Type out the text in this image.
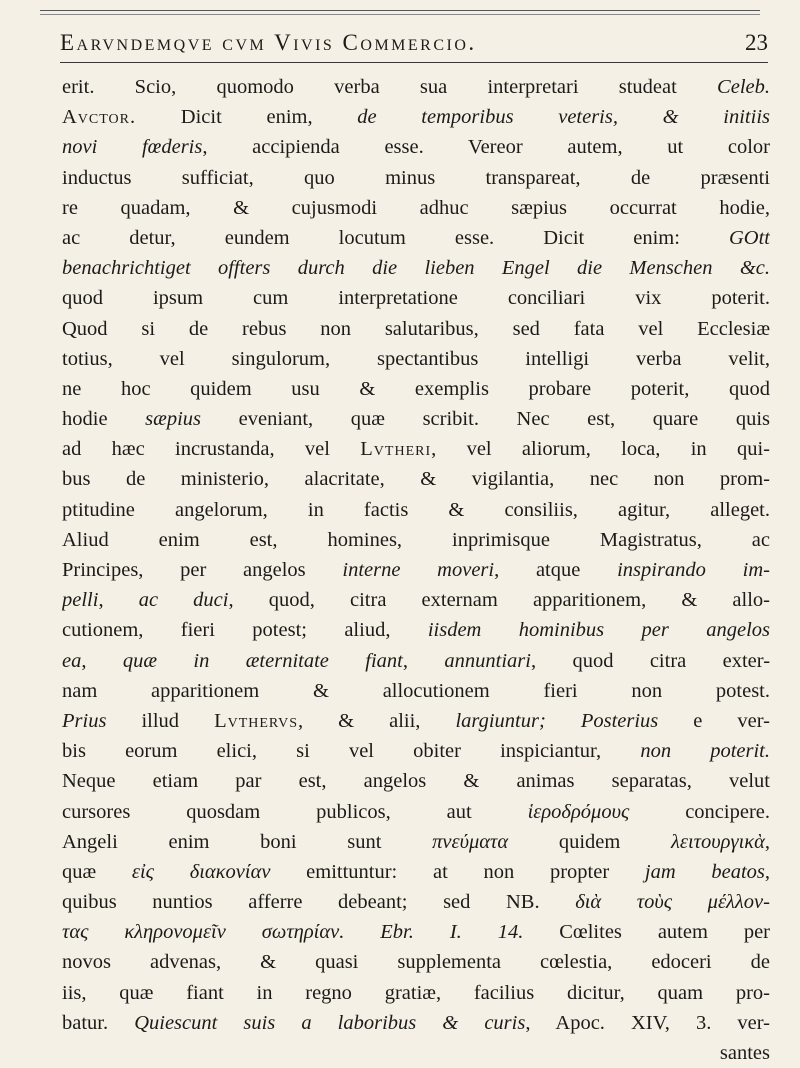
Earvndemqve cvm Vivis Commercio.	23
erit. Scio, quomodo verba sua interpretari studeat Celeb.
Avctor. Dicit enim, de temporibus veteris, & initiis
novi fœderis, accipienda esse. Vereor autem, ut color
inductus sufficiat, quo minus transpareat, de præsenti
re quadam, & cujusmodi adhuc sæpius occurrat hodie,
ac detur, eundem locutum esse. Dicit enim: GOtt
benachrichtiget offters durch die lieben Engel die Menschen &c.
quod ipsum cum interpretatione conciliari vix poterit.
Quod si de rebus non salutaribus, sed fata vel Ecclesiæ
totius, vel singulorum, spectantibus intelligi verba velit,
ne hoc quidem usu & exemplis probare poterit, quod
hodie sæpius eveniant, quæ scribit. Nec est, quare quis
ad hæc incrustanda, vel Lvtheri, vel aliorum, loca, in qui-
bus de ministerio, alacritate, & vigilantia, nec non prom-
ptitudine angelorum, in factis & consiliis, agitur, alleget.
Aliud enim est, homines, inprimisque Magistratus, ac
Principes, per angelos interne moveri, atque inspirando im-
pelli, ac duci, quod, citra externam apparitionem, & allo-
cutionem, fieri potest; aliud, iisdem hominibus per angelos
ea, quæ in æternitate fiant, annuntiari, quod citra exter-
nam apparitionem & allocutionem fieri non potest.
Prius illud Lvthervs, & alii, largiuntur; Posterius e ver-
bis eorum elici, si vel obiter inspiciantur, non poterit.
Neque etiam par est, angelos & animas separatas, velut
cursores quosdam publicos, aut ἱεροδρόμους concipere.
Angeli enim boni sunt πνεύματα quidem λειτουργικὰ,
quæ εἰς διακονίαν emittuntur: at non propter jam beatos,
quibus nuntios afferre debeant; sed NB. διὰ τοὺς μέλλον-
τας κληρονομεῖν σωτηρίαν. Ebr. I. 14. Cœlites autem per
novos advenas, & quasi supplementa cœlestia, edoceri de
iis, quæ fiant in regno gratiæ, facilius dicitur, quam pro-
batur. Quiescunt suis a laboribus & curis, Apoc. XIV, 3. ver-
santes
